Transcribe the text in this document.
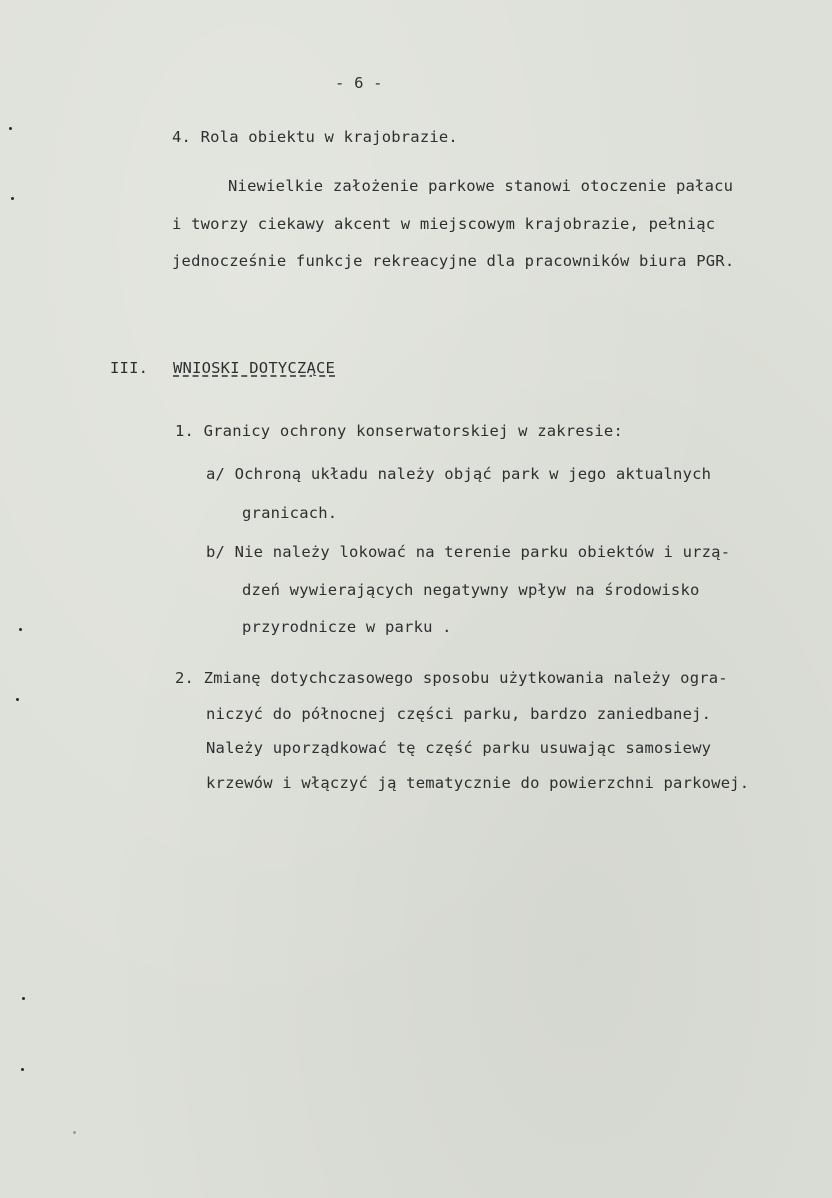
- 6 -
4. Rola obiektu w krajobrazie.
Niewielkie założenie parkowe stanowi otoczenie pałacu
i tworzy ciekawy akcent w miejscowym krajobrazie, pełniąc
jednocześnie funkcje rekreacyjne dla pracowników biura PGR.
III. WNIOSKI DOTYCZĄCE
1. Granicy ochrony konserwatorskiej w zakresie:
a/ Ochroną układu należy objąć park w jego aktualnych
granicach.
b/ Nie należy lokować na terenie parku obiektów i urzą-
dzeń wywierających negatywny wpływ na środowisko
przyrodnicze w parku .
2. Zmianę dotychczasowego sposobu użytkowania należy ogra-
niczyć do północnej części parku, bardzo zaniedbanej.
Należy uporządkować tę część parku usuwając samosiewy
krzewów i włączyć ją tematycznie do powierzchni parkowej.
